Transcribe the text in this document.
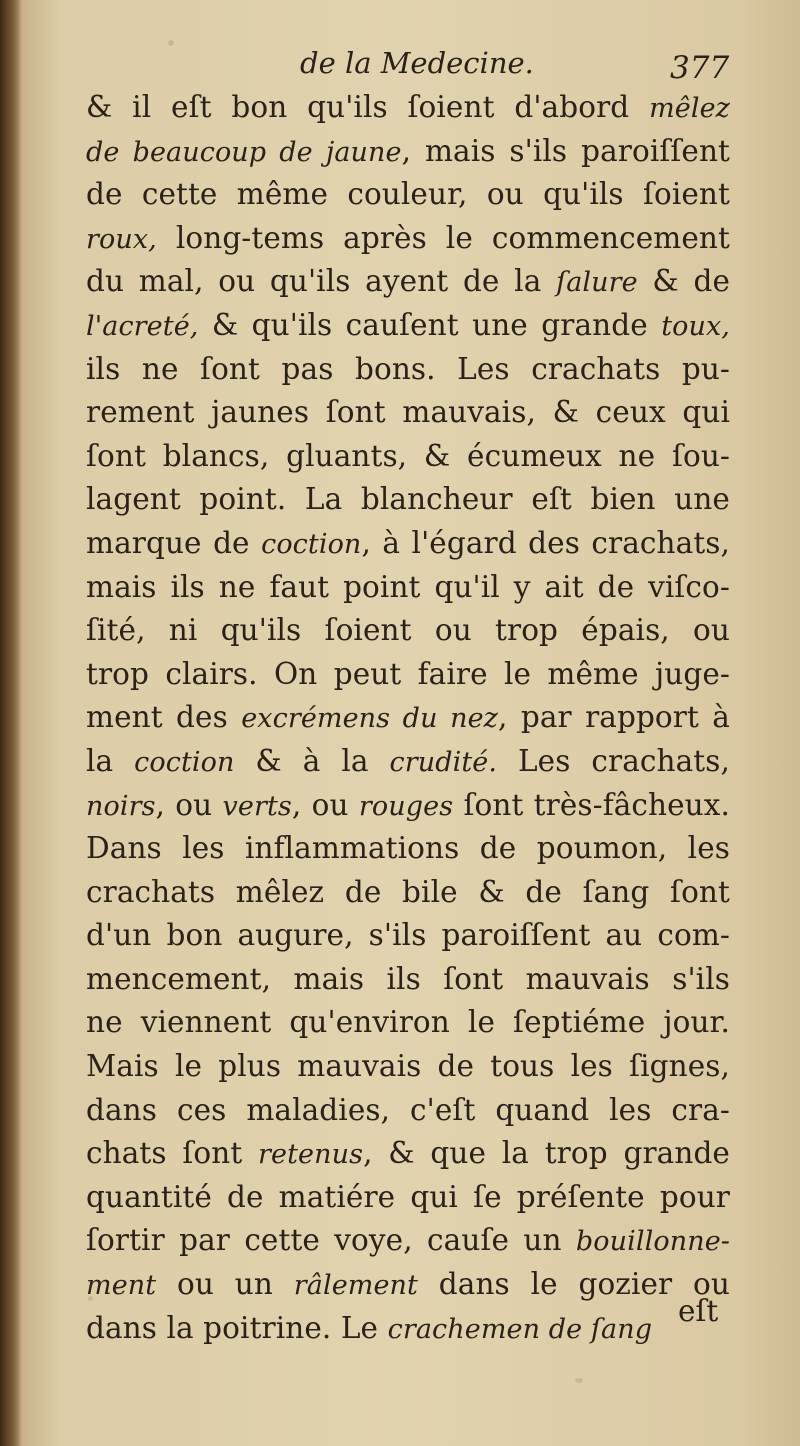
de la Medecine.	377
& il eſt bon qu'ils ſoient d'abord mêlez
de beaucoup de jaune, mais s'ils paroiſſent
de cette même couleur, ou qu'ils ſoient
roux, long-tems après le commencement
du mal, ou qu'ils ayent de la ſalure & de
l'acreté, & qu'ils cauſent une grande toux,
ils ne ſont pas bons. Les crachats pu-
rement jaunes ſont mauvais, & ceux qui
ſont blancs, gluants, & écumeux ne ſou-
lagent point. La blancheur eſt bien une
marque de coction, à l'égard des crachats,
mais ils ne faut point qu'il y ait de viſco-
ſité, ni qu'ils ſoient ou trop épais, ou
trop clairs. On peut faire le même juge-
ment des excrémens du nez, par rapport à
la coction & à la crudité. Les crachats,
noirs, ou verts, ou rouges ſont très-fâcheux.
Dans les inflammations de poumon, les
crachats mêlez de bile & de ſang ſont
d'un bon augure, s'ils paroiſſent au com-
mencement, mais ils ſont mauvais s'ils
ne viennent qu'environ le ſeptiéme jour.
Mais le plus mauvais de tous les ſignes,
dans ces maladies, c'eſt quand les cra-
chats ſont retenus, & que la trop grande
quantité de matiére qui ſe préſente pour
ſortir par cette voye, cauſe un bouillonne-
ment ou un râlement dans le gozier ou
dans la poitrine. Le crachemen de ſang
eſt
